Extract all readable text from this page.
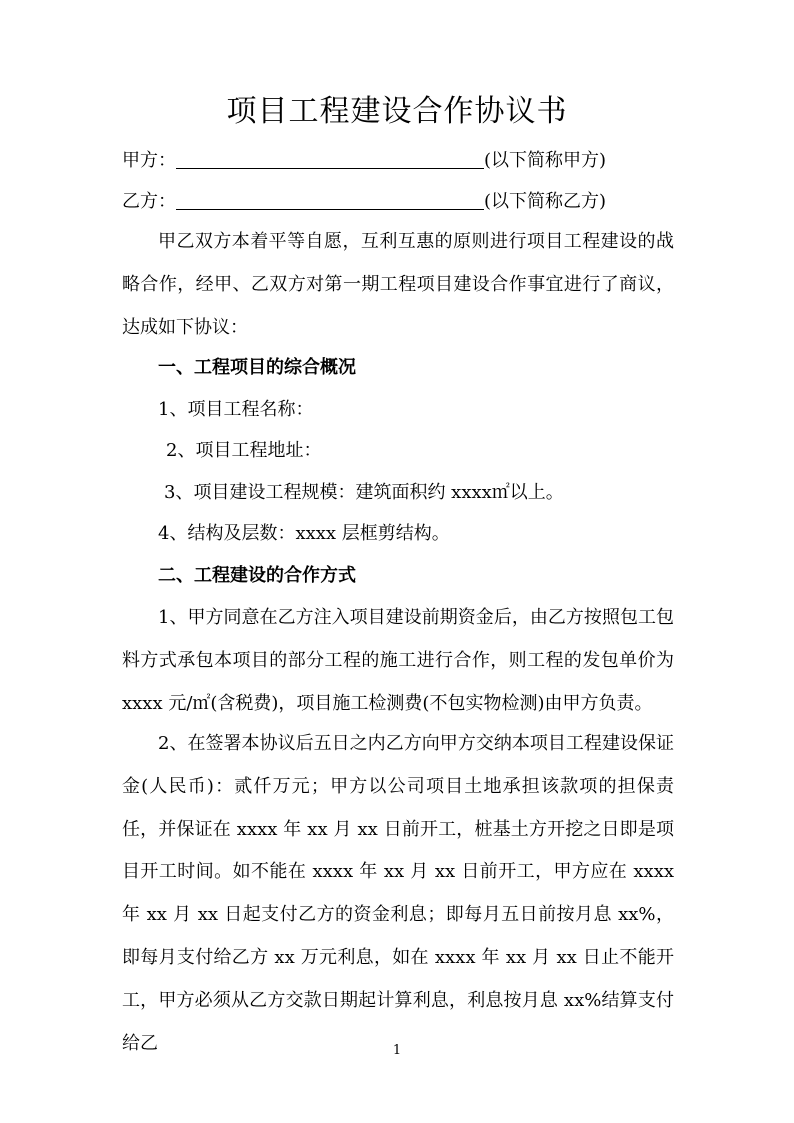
项目工程建设合作协议书
甲方：	(以下简称甲方)
乙方：	(以下简称乙方)

甲乙双方本着平等自愿，互利互惠的原则进行项目工程建设的战略合作，经甲、乙双方对第一期工程项目建设合作事宜进行了商议，达成如下协议：

一、工程项目的综合概况

1、项目工程名称：

2、项目工程地址：

3、项目建设工程规模：建筑面积约 xxxx㎡以上。

4、结构及层数：xxxx 层框剪结构。

二、工程建设的合作方式

1、甲方同意在乙方注入项目建设前期资金后，由乙方按照包工包料方式承包本项目的部分工程的施工进行合作，则工程的发包单价为xxxx 元/㎡(含税费)，项目施工检测费(不包实物检测)由甲方负责。

2、在签署本协议后五日之内乙方向甲方交纳本项目工程建设保证金(人民币)：贰仟万元；甲方以公司项目土地承担该款项的担保责任，并保证在 xxxx 年 xx 月 xx 日前开工，桩基土方开挖之日即是项目开工时间。如不能在 xxxx 年 xx 月 xx 日前开工，甲方应在 xxxx 年 xx 月 xx 日起支付乙方的资金利息；即每月五日前按月息 xx%，即每月支付给乙方 xx 万元利息，如在 xxxx 年 xx 月 xx 日止不能开工，甲方必须从乙方交款日期起计算利息，利息按月息 xx%结算支付给乙	1
